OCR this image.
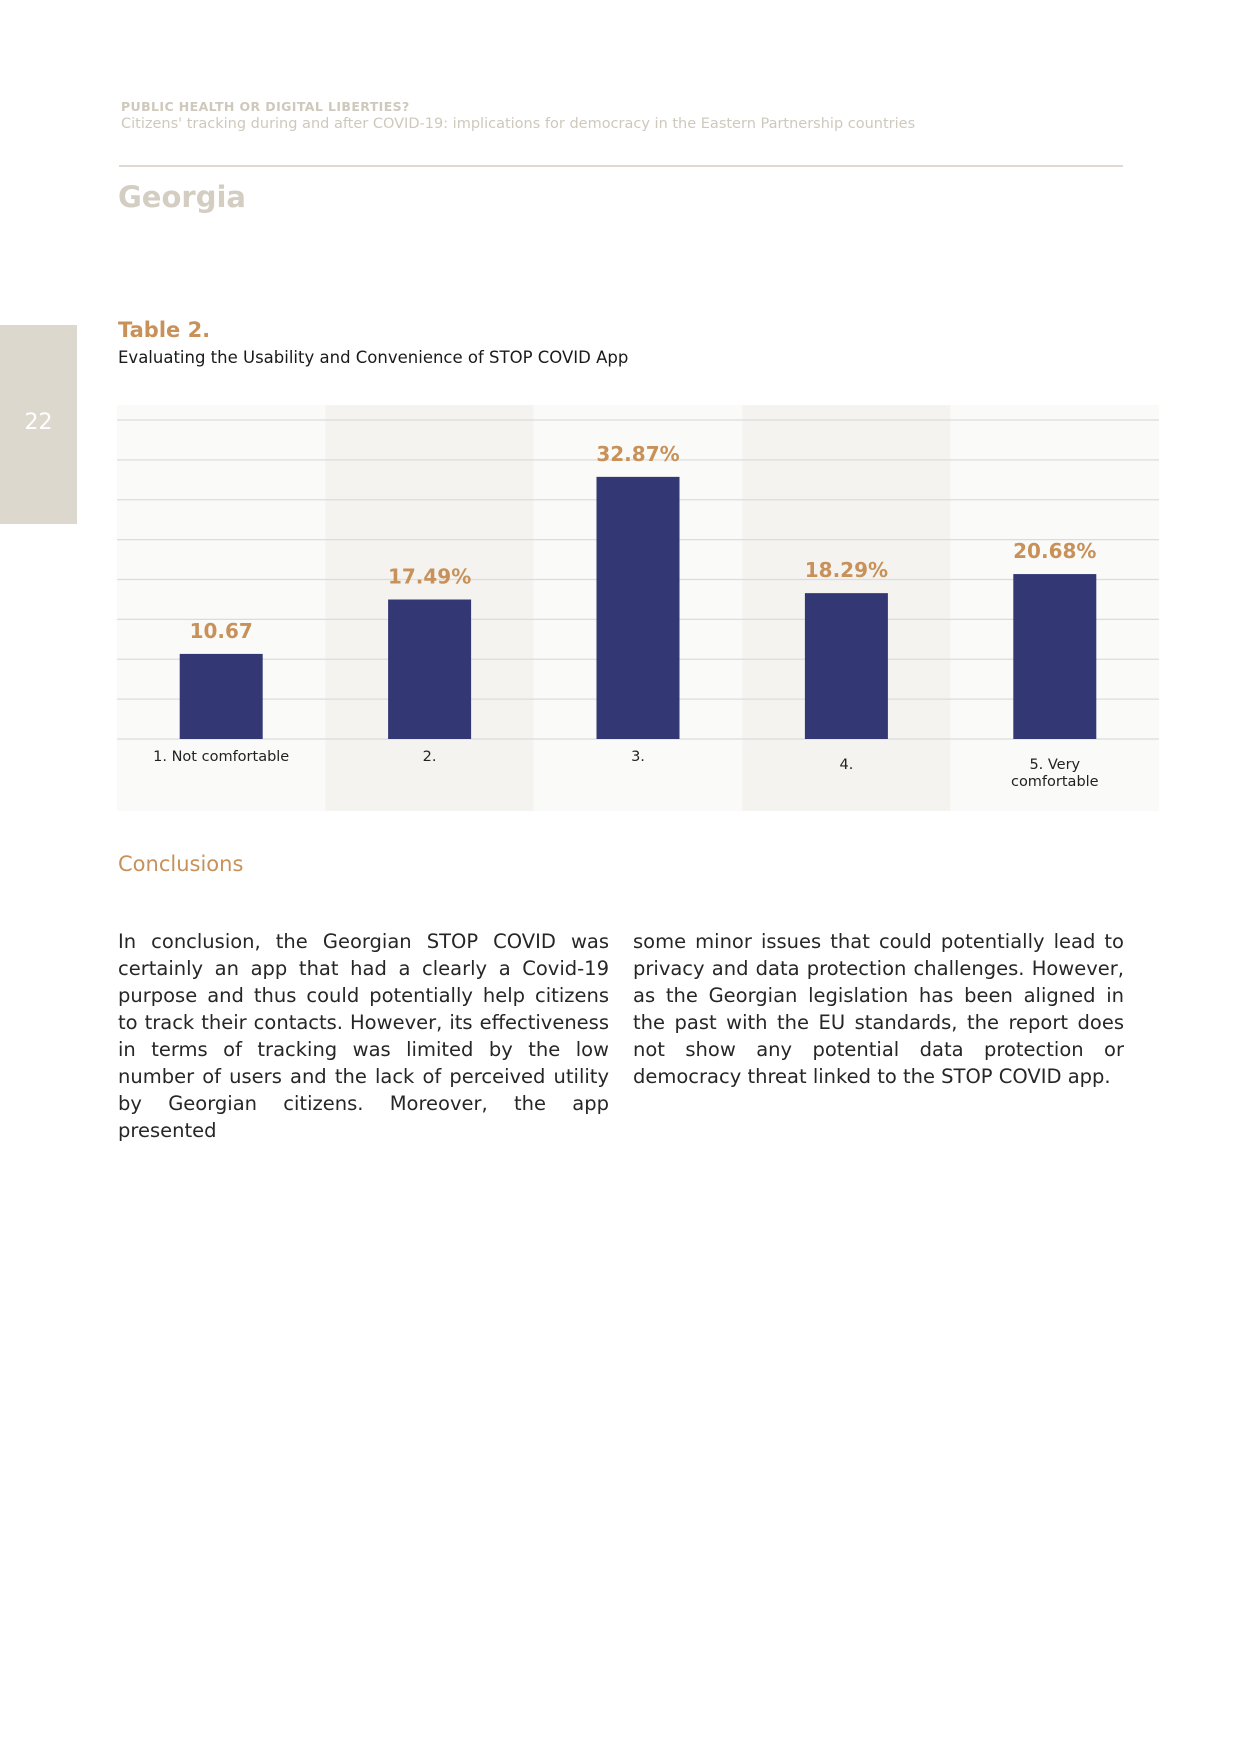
PUBLIC HEALTH OR DIGITAL LIBERTIES?
Citizens' tracking during and after COVID-19: implications for democracy in the Eastern Partnership countries
Georgia
22
Table 2.
Evaluating the Usability and Convenience of STOP COVID App
10.67
1. Not comfortable
17.49%
2.
32.87%
3.
18.29%
4.
20.68%
5. Very comfortable
Conclusions

In conclusion, the Georgian STOP COVID was certainly an app that had a clearly a Covid-19 purpose and thus could potentially help citizens to track their contacts. However, its effectiveness in terms of tracking was limited by the low number of users and the lack of perceived utility by Georgian citizens. Moreover, the app presented

some minor issues that could potentially lead to privacy and data protection challenges. However, as the Georgian legislation has been aligned in the past with the EU standards, the report does not show any potential data protection or democracy threat linked to the STOP COVID app.
